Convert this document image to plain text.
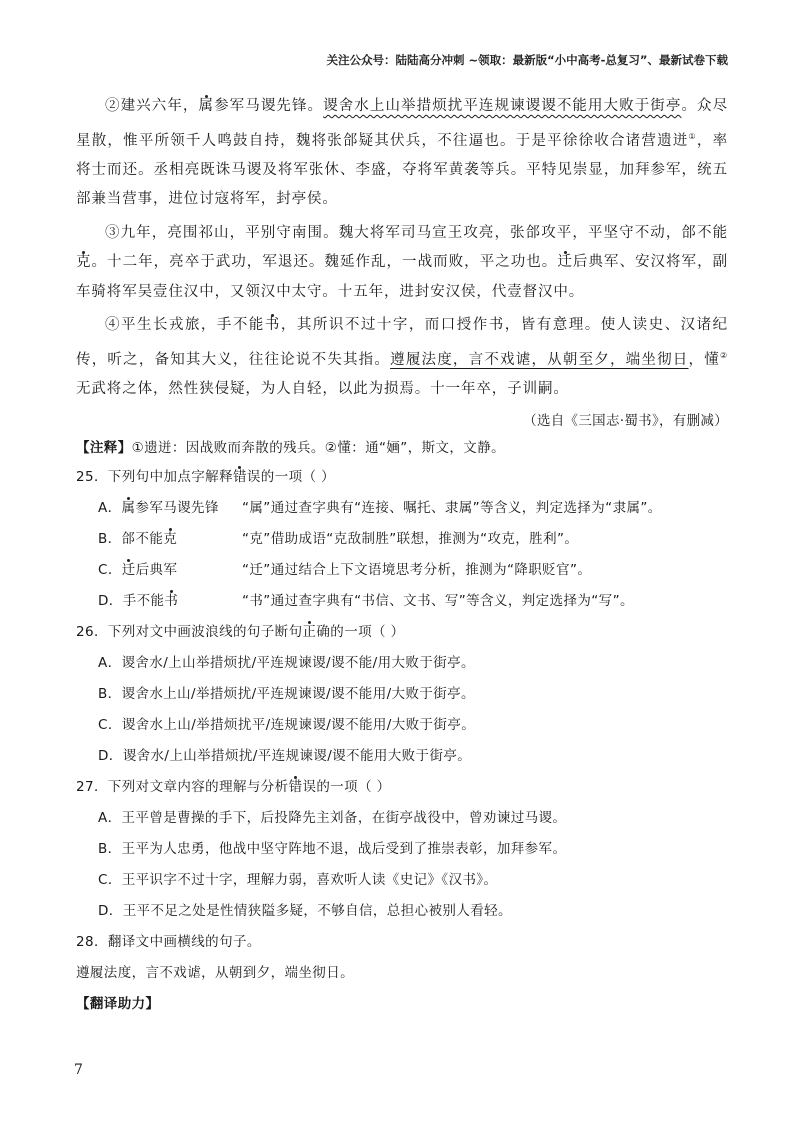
关注公众号：陆陆高分冲刺 ~领取：最新版“小中高考-总复习”、最新试卷下载

②建兴六年，属参军马谡先锋。谡舍水上山举措烦扰平连规谏谡谡不能用大败于街亭。众尽星散，惟平所领千人鸣鼓自持，魏将张郃疑其伏兵，不往逼也。于是平徐徐收合诸营遗迸①，率将士而还。丞相亮既诛马谡及将军张休、李盛，夺将军黄袭等兵。平特见崇显，加拜参军，统五部兼当营事，进位讨寇将军，封亭侯。

③九年，亮围祁山，平别守南围。魏大将军司马宣王攻亮，张郃攻平，平坚守不动，郃不能克。十二年，亮卒于武功，军退还。魏延作乱，一战而败，平之功也。迁后典军、安汉将军，副车骑将军吴壹住汉中，又领汉中太守。十五年，进封安汉侯，代壹督汉中。

④平生长戎旅，手不能书，其所识不过十字，而口授作书，皆有意理。使人读史、汉诸纪传，听之，备知其大义，往往论说不失其指。遵履法度，言不戏谑，从朝至夕，端坐彻日，懂②无武将之体，然性狭侵疑，为人自轻，以此为损焉。十一年卒，子训嗣。

（选自《三国志·蜀书》，有删减）

【注释】①遗迸：因战败而奔散的残兵。②懂：通“婳”，斯文，文静。

25．下列句中加点字解释错误的一项（ ）

A．属参军马谡先锋 “属”通过查字典有“连接、嘱托、隶属”等含义，判定选择为“隶属”。

B．郃不能克	“克”借助成语“克敌制胜”联想，推测为“攻克，胜利”。

C．迁后典军	“迁”通过结合上下文语境思考分析，推测为“降职贬官”。

D．手不能书	“书”通过查字典有“书信、文书、写”等含义，判定选择为“写”。

26．下列对文中画波浪线的句子断句正确的一项（ ）

A．谡舍水/上山举措烦扰/平连规谏谡/谡不能/用大败于街亭。

B．谡舍水上山/举措烦扰/平连规谏谡/谡不能用/大败于街亭。

C．谡舍水上山/举措烦扰平/连规谏谡/谡不能用/大败于街亭。

D．谡舍水/上山举措烦扰/平连规谏谡/谡不能用大败于街亭。

27．下列对文章内容的理解与分析错误的一项（ ）

A．王平曾是曹操的手下，后投降先主刘备，在街亭战役中，曾劝谏过马谡。

B．王平为人忠勇，他战中坚守阵地不退，战后受到了推崇表彰，加拜参军。

C．王平识字不过十字，理解力弱，喜欢听人读《史记》《汉书》。

D．王平不足之处是性情狭隘多疑，不够自信，总担心被别人看轻。

28．翻译文中画横线的句子。

遵履法度，言不戏谑，从朝到夕，端坐彻日。

【翻译助力】

7
